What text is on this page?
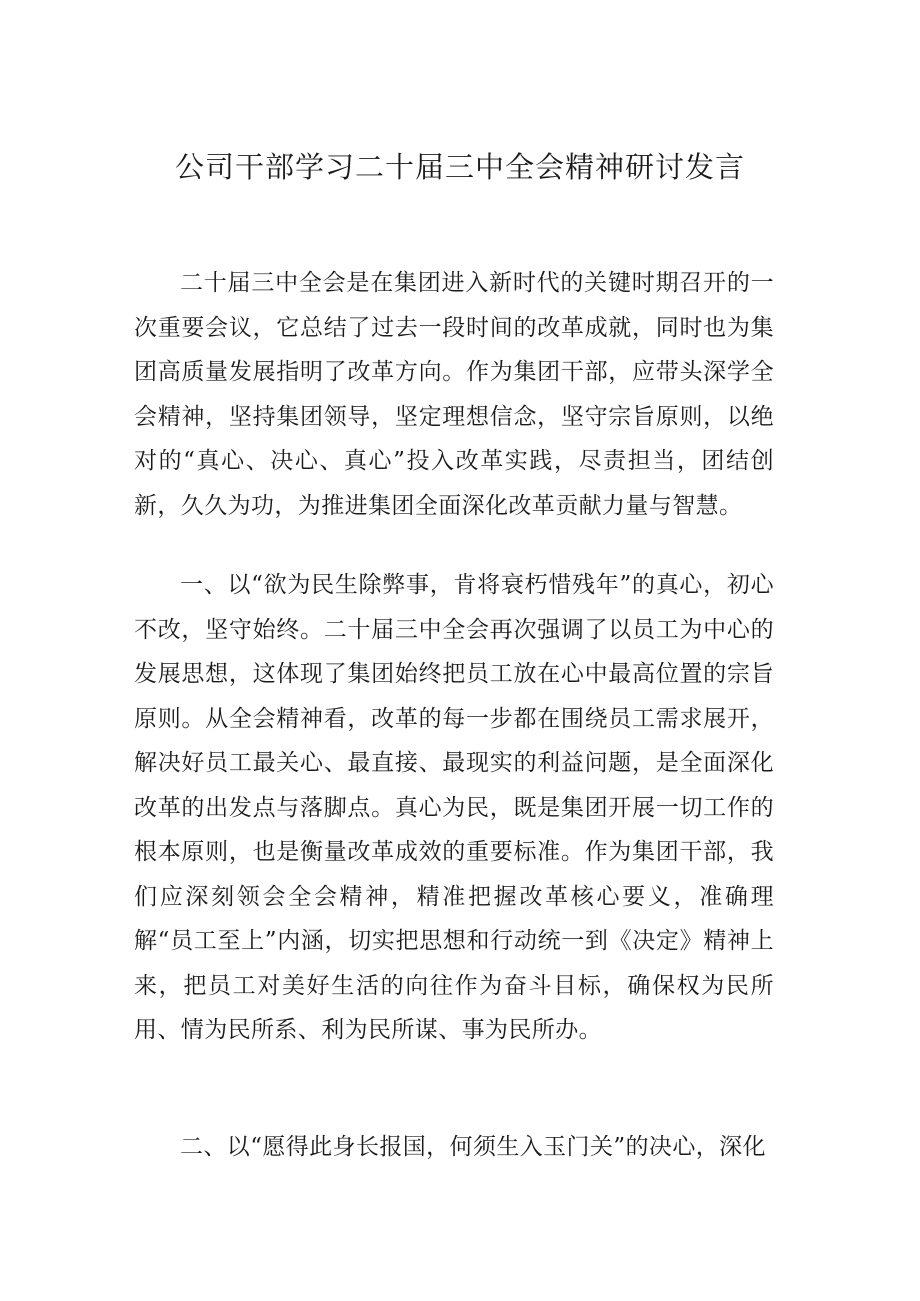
公司干部学习二十届三中全会精神研讨发言

二十届三中全会是在集团进入新时代的关键时期召开的一次重要会议，它总结了过去一段时间的改革成就，同时也为集团高质量发展指明了改革方向。作为集团干部，应带头深学全会精神，坚持集团领导，坚定理想信念，坚守宗旨原则，以绝对的“真心、决心、真心”投入改革实践，尽责担当，团结创新，久久为功，为推进集团全面深化改革贡献力量与智慧。

一、以“欲为民生除弊事，肯将衰朽惜残年”的真心，初心不改，坚守始终。二十届三中全会再次强调了以员工为中心的发展思想，这体现了集团始终把员工放在心中最高位置的宗旨原则。从全会精神看，改革的每一步都在围绕员工需求展开，解决好员工最关心、最直接、最现实的利益问题，是全面深化改革的出发点与落脚点。真心为民，既是集团开展一切工作的根本原则，也是衡量改革成效的重要标准。作为集团干部，我们应深刻领会全会精神，精准把握改革核心要义，准确理解“员工至上”内涵，切实把思想和行动统一到《决定》精神上来，把员工对美好生活的向往作为奋斗目标，确保权为民所用、情为民所系、利为民所谋、事为民所办。

二、以“愿得此身长报国，何须生入玉门关”的决心，深化
